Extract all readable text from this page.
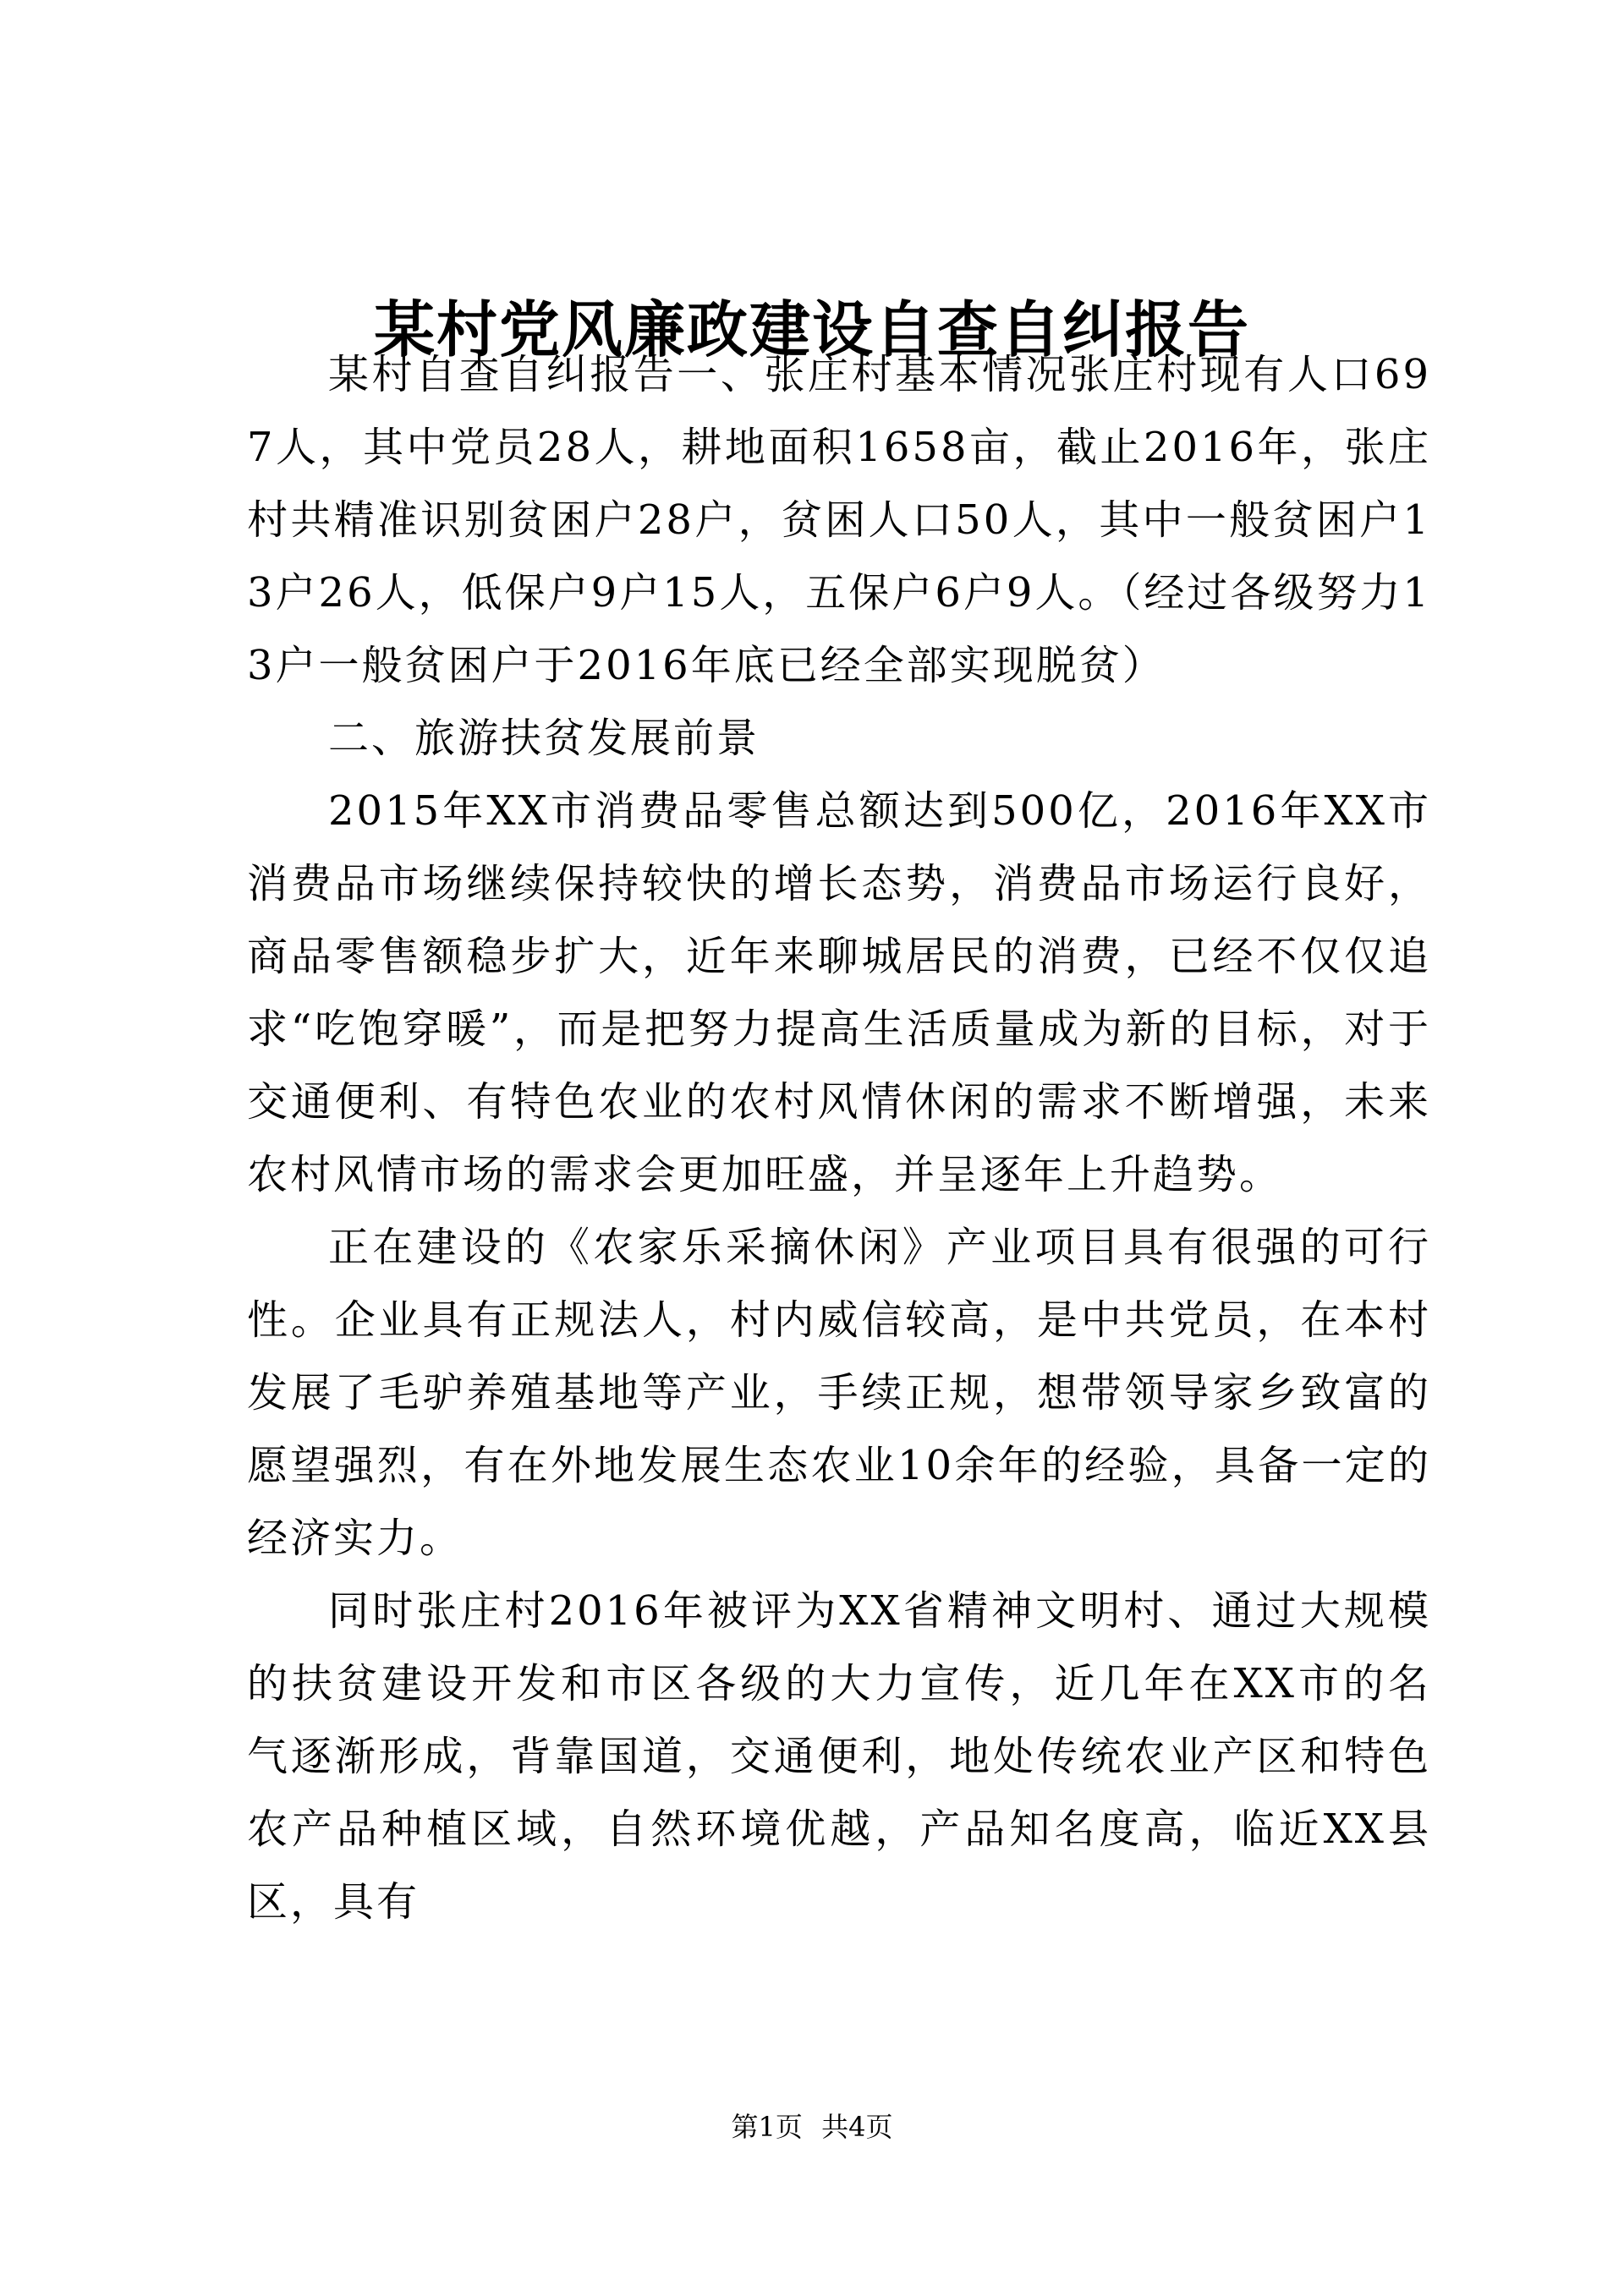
某村党风廉政建设自查自纠报告

某村自查自纠报告一、张庄村基本情况张庄村现有人口697人，其中党员28人，耕地面积1658亩，截止2016年，张庄村共精准识别贫困户28户，贫困人口50人，其中一般贫困户13户26人，低保户9户15人，五保户6户9人。（经过各级努力13户一般贫困户于2016年底已经全部实现脱贫）

二、旅游扶贫发展前景

2015年XX市消费品零售总额达到500亿，2016年XX市消费品市场继续保持较快的增长态势，消费品市场运行良好，商品零售额稳步扩大，近年来聊城居民的消费，已经不仅仅追求“吃饱穿暖”，而是把努力提高生活质量成为新的目标，对于交通便利、有特色农业的农村风情休闲的需求不断增强，未来农村风情市场的需求会更加旺盛，并呈逐年上升趋势。

正在建设的《农家乐采摘休闲》产业项目具有很强的可行性。企业具有正规法人，村内威信较高，是中共党员，在本村发展了毛驴养殖基地等产业，手续正规，想带领导家乡致富的愿望强烈，有在外地发展生态农业10余年的经验，具备一定的经济实力。

同时张庄村2016年被评为XX省精神文明村、通过大规模的扶贫建设开发和市区各级的大力宣传，近几年在XX市的名气逐渐形成，背靠国道，交通便利，地处传统农业产区和特色农产品种植区域，自然环境优越，产品知名度高，临近XX县区，具有

第1页 共4页
